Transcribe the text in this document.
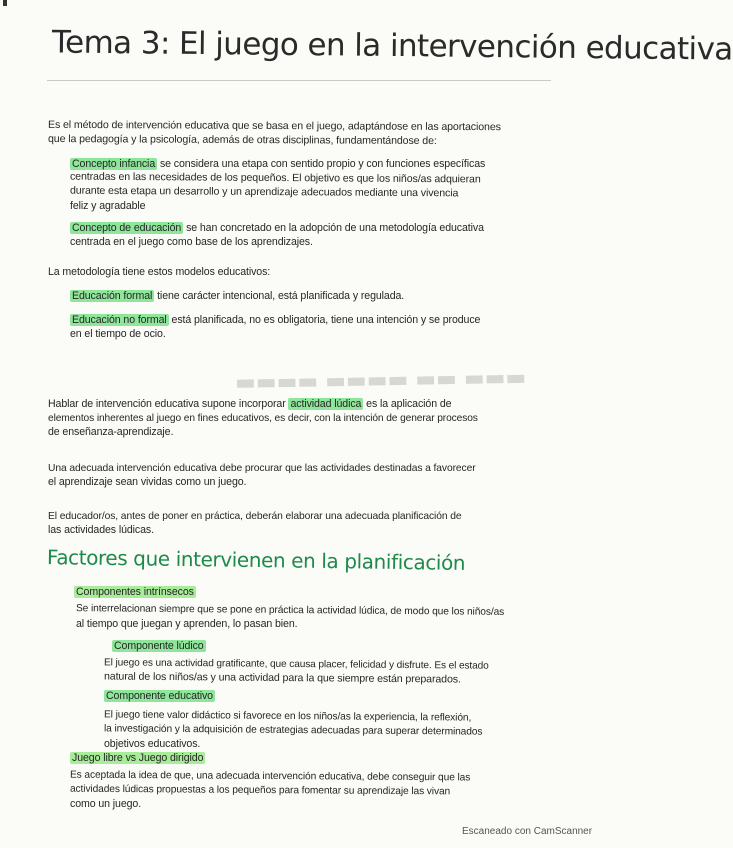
▬▬▬▬ ▬▬▬▬ ▬▬ ▬▬▬
Tema 3: El juego en la intervención educativa
Es el método de intervención educativa que se basa en el juego, adaptándose en las aportaciones
que la pedagogía y la psicología, además de otras disciplinas, fundamentándose de:
Concepto infancia se considera una etapa con sentido propio y con funciones específicas
centradas en las necesidades de los pequeños. El objetivo es que los niños/as adquieran
durante esta etapa un desarrollo y un aprendizaje adecuados mediante una vivencia
feliz y agradable
Concepto de educación se han concretado en la adopción de una metodología educativa
centrada en el juego como base de los aprendizajes.
La metodología tiene estos modelos educativos:
Educación formal tiene carácter intencional, está planificada y regulada.
Educación no formal está planificada, no es obligatoria, tiene una intención y se produce
en el tiempo de ocio.
Hablar de intervención educativa supone incorporar actividad lúdica es la aplicación de
elementos inherentes al juego en fines educativos, es decir, con la intención de generar procesos
de enseñanza-aprendizaje.
Una adecuada intervención educativa debe procurar que las actividades destinadas a favorecer
el aprendizaje sean vividas como un juego.
El educador/os, antes de poner en práctica, deberán elaborar una adecuada planificación de
las actividades lúdicas.
Factores que intervienen en la planificación
Componentes intrínsecos
Se interrelacionan siempre que se pone en práctica la actividad lúdica, de modo que los niños/as
al tiempo que juegan y aprenden, lo pasan bien.
Componente lúdico
El juego es una actividad gratificante, que causa placer, felicidad y disfrute. Es el estado
natural de los niños/as y una actividad para la que siempre están preparados.
Componente educativo
El juego tiene valor didáctico si favorece en los niños/as la experiencia, la reflexión,
la investigación y la adquisición de estrategias adecuadas para superar determinados
objetivos educativos.
Juego libre vs Juego dirigido
Es aceptada la idea de que, una adecuada intervención educativa, debe conseguir que las
actividades lúdicas propuestas a los pequeños para fomentar su aprendizaje las vivan
como un juego.
Escaneado con CamScanner
